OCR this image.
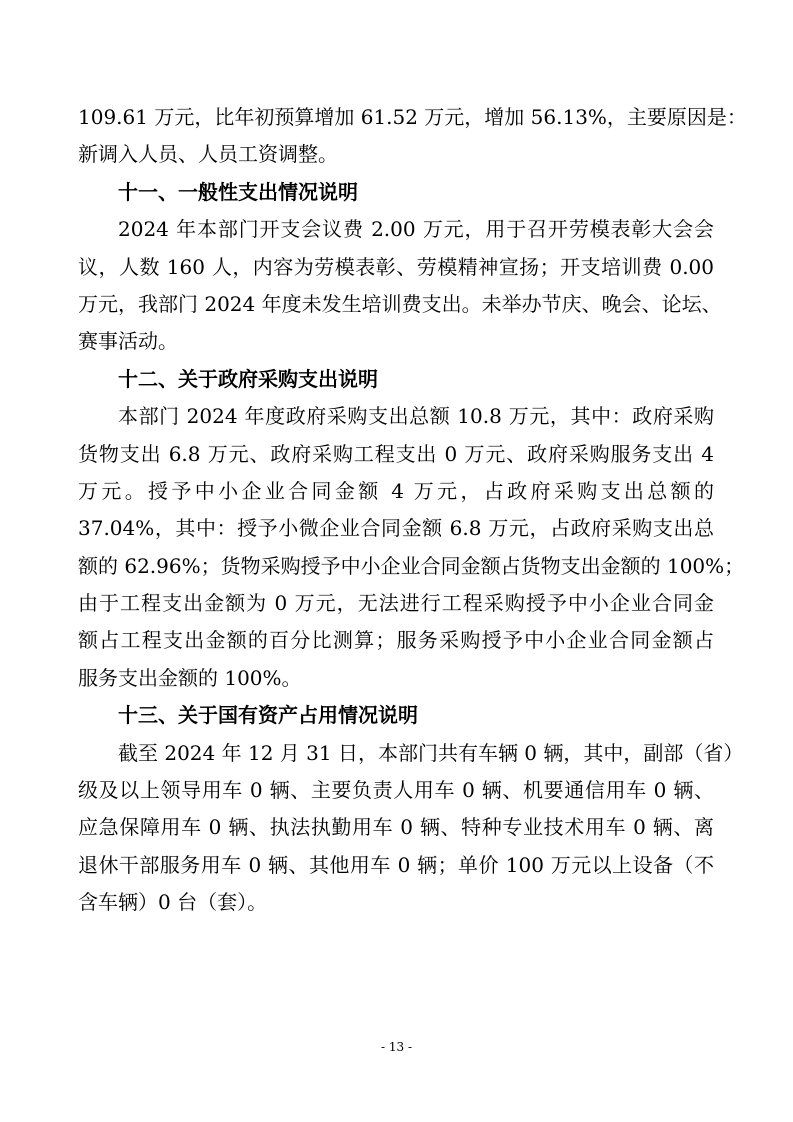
109.61 万元，比年初预算增加 61.52 万元，增加 56.13%，主要原因是：
新调入人员、人员工资调整。
十一、一般性支出情况说明
2024 年本部门开支会议费 2.00 万元，用于召开劳模表彰大会会
议，人数 160 人，内容为劳模表彰、劳模精神宣扬；开支培训费 0.00
万元，我部门 2024 年度未发生培训费支出。未举办节庆、晚会、论坛、
赛事活动。
十二、关于政府采购支出说明
本部门 2024 年度政府采购支出总额 10.8 万元，其中：政府采购
货物支出 6.8 万元、政府采购工程支出 0 万元、政府采购服务支出 4
万元。授予中小企业合同金额 4 万元，占政府采购支出总额的
37.04%，其中：授予小微企业合同金额 6.8 万元，占政府采购支出总
额的 62.96%；货物采购授予中小企业合同金额占货物支出金额的 100%；
由于工程支出金额为 0 万元，无法进行工程采购授予中小企业合同金
额占工程支出金额的百分比测算；服务采购授予中小企业合同金额占
服务支出金额的 100%。
十三、关于国有资产占用情况说明
截至 2024 年 12 月 31 日，本部门共有车辆 0 辆，其中，副部（省）
级及以上领导用车 0 辆、主要负责人用车 0 辆、机要通信用车 0 辆、
应急保障用车 0 辆、执法执勤用车 0 辆、特种专业技术用车 0 辆、离
退休干部服务用车 0 辆、其他用车 0 辆；单价 100 万元以上设备（不
含车辆）0 台（套）。
- 13 -
